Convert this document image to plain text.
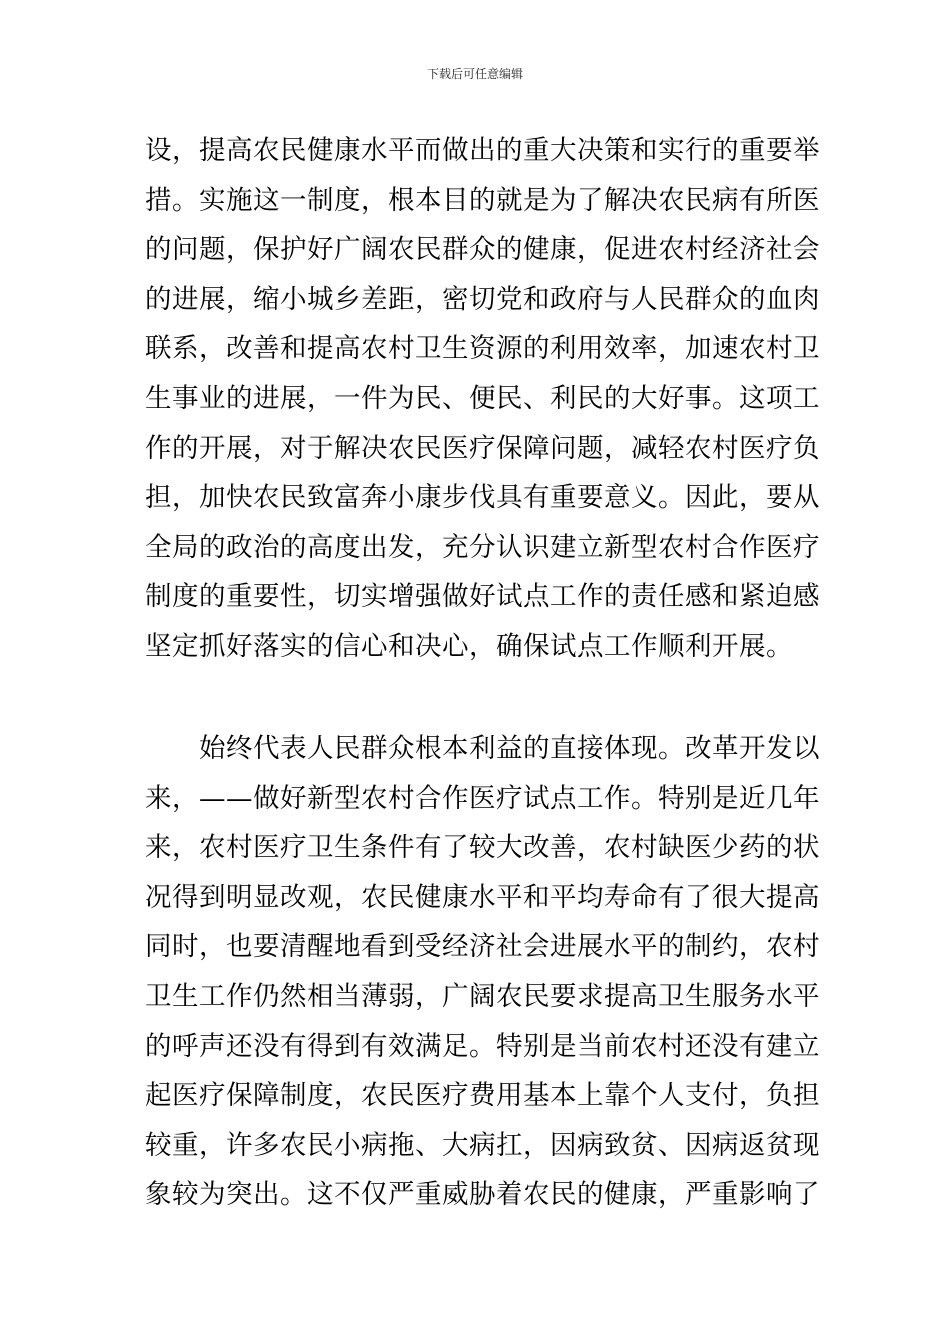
下载后可任意编辑
设，提高农民健康水平而做出的重大决策和实行的重要举
措。实施这一制度，根本目的就是为了解决农民病有所医
的问题，保护好广阔农民群众的健康，促进农村经济社会
的进展，缩小城乡差距，密切党和政府与人民群众的血肉
联系，改善和提高农村卫生资源的利用效率，加速农村卫
生事业的进展，一件为民、便民、利民的大好事。这项工
作的开展，对于解决农民医疗保障问题，减轻农村医疗负
担，加快农民致富奔小康步伐具有重要意义。因此，要从
全局的政治的高度出发，充分认识建立新型农村合作医疗
制度的重要性，切实增强做好试点工作的责任感和紧迫感
坚定抓好落实的信心和决心，确保试点工作顺利开展。
始终代表人民群众根本利益的直接体现。改革开发以
来，——做好新型农村合作医疗试点工作。特别是近几年
来，农村医疗卫生条件有了较大改善，农村缺医少药的状
况得到明显改观，农民健康水平和平均寿命有了很大提高
同时，也要清醒地看到受经济社会进展水平的制约，农村
卫生工作仍然相当薄弱，广阔农民要求提高卫生服务水平
的呼声还没有得到有效满足。特别是当前农村还没有建立
起医疗保障制度，农民医疗费用基本上靠个人支付，负担
较重，许多农民小病拖、大病扛，因病致贫、因病返贫现
象较为突出。这不仅严重威胁着农民的健康，严重影响了
